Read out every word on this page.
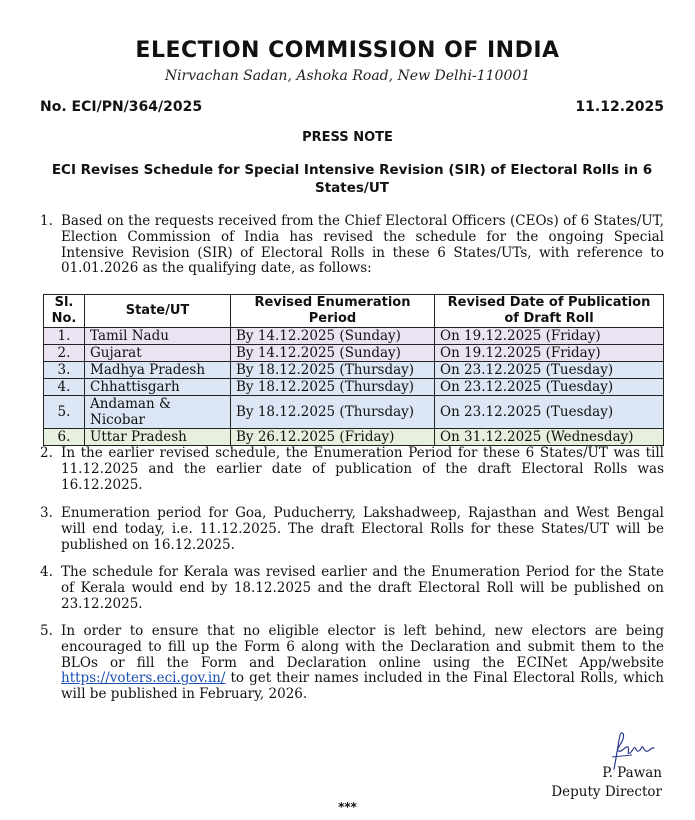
ELECTION COMMISSION OF INDIA
Nirvachan Sadan, Ashoka Road, New Delhi-110001
No. ECI/PN/364/2025	11.12.2025
PRESS NOTE
ECI Revises Schedule for Special Intensive Revision (SIR) of Electoral Rolls in 6 States/UT
1. Based on the requests received from the Chief Electoral Officers (CEOs) of 6 States/UT, Election Commission of India has revised the schedule for the ongoing Special Intensive Revision (SIR) of Electoral Rolls in these 6 States/UTs, with reference to 01.01.2026 as the qualifying date, as follows:
Sl. No.	State/UT	Revised Enumeration Period	Revised Date of Publication of Draft Roll
1.	Tamil Nadu	By 14.12.2025 (Sunday)	On 19.12.2025 (Friday)
2.	Gujarat	By 14.12.2025 (Sunday)	On 19.12.2025 (Friday)
3.	Madhya Pradesh	By 18.12.2025 (Thursday)	On 23.12.2025 (Tuesday)
4.	Chhattisgarh	By 18.12.2025 (Thursday)	On 23.12.2025 (Tuesday)
5.	Andaman & Nicobar	By 18.12.2025 (Thursday)	On 23.12.2025 (Tuesday)
6.	Uttar Pradesh	By 26.12.2025 (Friday)	On 31.12.2025 (Wednesday)
2. In the earlier revised schedule, the Enumeration Period for these 6 States/UT was till 11.12.2025 and the earlier date of publication of the draft Electoral Rolls was 16.12.2025.
3. Enumeration period for Goa, Puducherry, Lakshadweep, Rajasthan and West Bengal will end today, i.e. 11.12.2025. The draft Electoral Rolls for these States/UT will be published on 16.12.2025.
4. The schedule for Kerala was revised earlier and the Enumeration Period for the State of Kerala would end by 18.12.2025 and the draft Electoral Roll will be published on 23.12.2025.
5. In order to ensure that no eligible elector is left behind, new electors are being encouraged to fill up the Form 6 along with the Declaration and submit them to the BLOs or fill the Form and Declaration online using the ECINet App/website https://voters.eci.gov.in/ to get their names included in the Final Electoral Rolls, which will be published in February, 2026.
P. Pawan
Deputy Director
***
